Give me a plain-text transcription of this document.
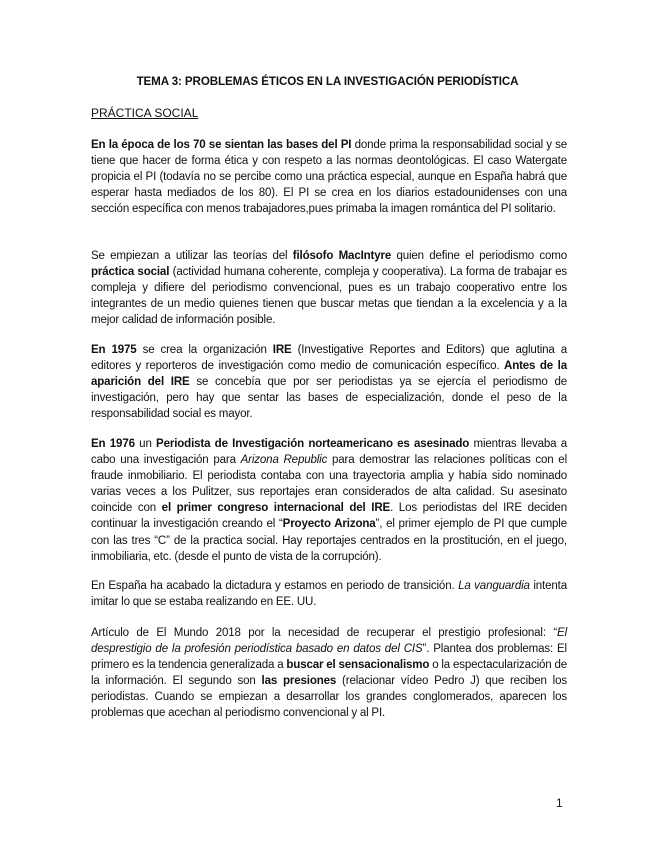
TEMA 3: PROBLEMAS ÉTICOS EN LA INVESTIGACIÓN PERIODÍSTICA
PRÁCTICA SOCIAL

En la época de los 70 se sientan las bases del PI donde prima la responsabilidad social y se tiene que hacer de forma ética y con respeto a las normas deontológicas. El caso Watergate propicia el PI (todavía no se percibe como una práctica especial, aunque en España habrá que esperar hasta mediados de los 80). El PI se crea en los diarios estadounidenses con una sección específica con menos trabajadores,pues primaba la imagen romántica del PI solitario.

Se empiezan a utilizar las teorías del filósofo MacIntyre quien define el periodismo como práctica social (actividad humana coherente, compleja y cooperativa). La forma de trabajar es compleja y difiere del periodismo convencional, pues es un trabajo cooperativo entre los integrantes de un medio quienes tienen que buscar metas que tiendan a la excelencia y a la mejor calidad de información posible.

En 1975 se crea la organización IRE (Investigative Reportes and Editors) que aglutina a editores y reporteros de investigación como medio de comunicación específico. Antes de la aparición del IRE se concebía que por ser periodistas ya se ejercía el periodismo de investigación, pero hay que sentar las bases de especialización, donde el peso de la responsabilidad social es mayor.

En 1976 un Periodista de Investigación norteamericano es asesinado mientras llevaba a cabo una investigación para Arizona Republic para demostrar las relaciones políticas con el fraude inmobiliario. El periodista contaba con una trayectoria amplia y había sido nominado varias veces a los Pulitzer, sus reportajes eran considerados de alta calidad. Su asesinato coincide con el primer congreso internacional del IRE. Los periodistas del IRE deciden continuar la investigación creando el “Proyecto Arizona”, el primer ejemplo de PI que cumple con las tres “C” de la practica social. Hay reportajes centrados en la prostitución, en el juego, inmobiliaria, etc. (desde el punto de vista de la corrupción).

En España ha acabado la dictadura y estamos en periodo de transición. La vanguardia intenta imitar lo que se estaba realizando en EE. UU.

Artículo de El Mundo 2018 por la necesidad de recuperar el prestigio profesional: “El desprestigio de la profesión periodística basado en datos del CIS”. Plantea dos problemas: El primero es la tendencia generalizada a buscar el sensacionalismo o la espectacularización de la información. El segundo son las presiones (relacionar vídeo Pedro J) que reciben los periodistas. Cuando se empiezan a desarrollar los grandes conglomerados, aparecen los problemas que acechan al periodismo convencional y al PI.

1
